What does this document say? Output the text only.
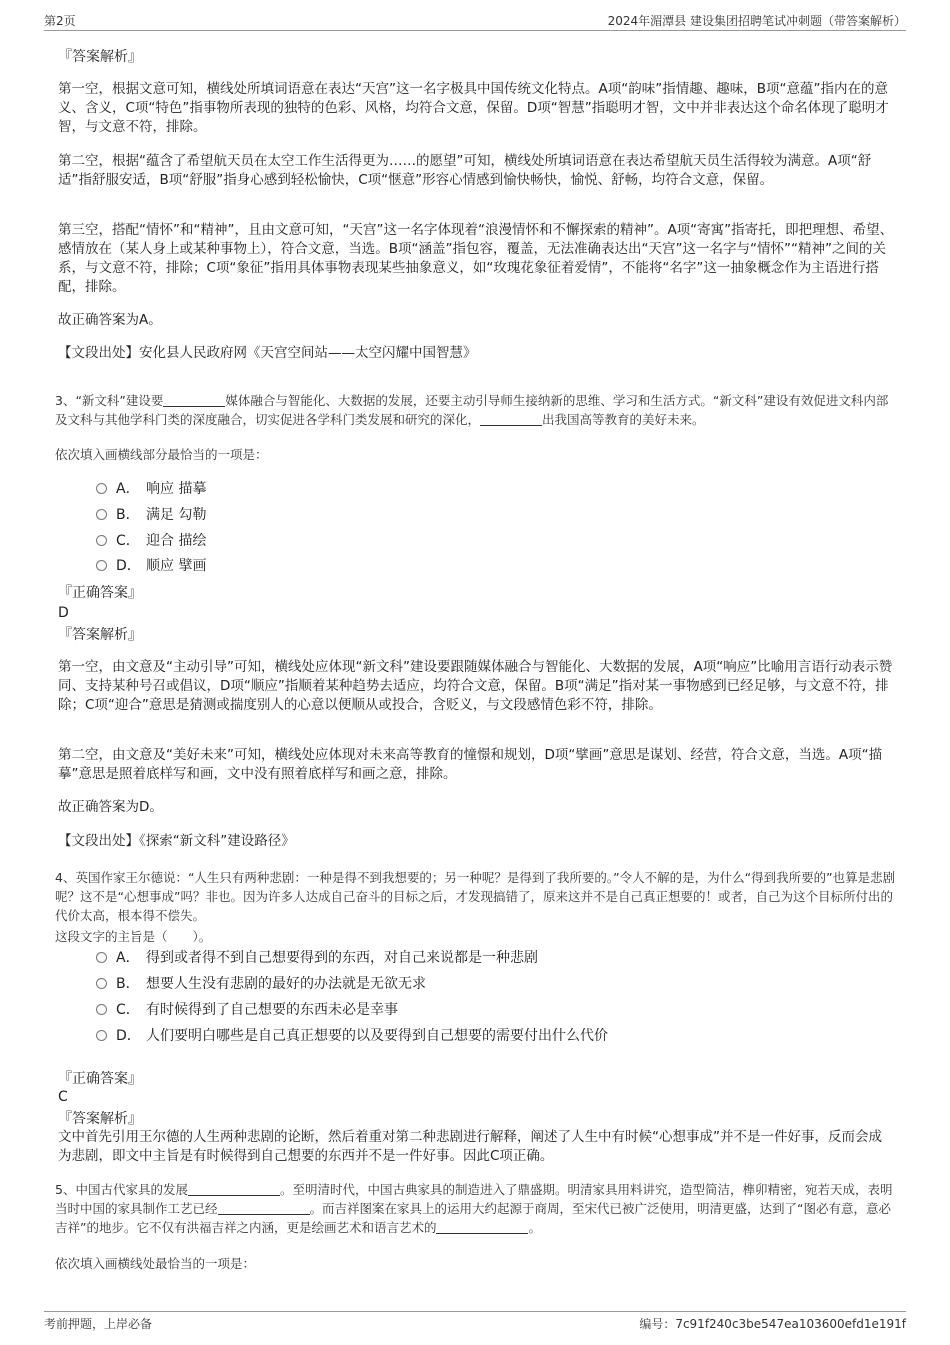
第2页	2024年湄潭县 建设集团招聘笔试冲刺题（带答案解析）
『答案解析』

第一空，根据文意可知，横线处所填词语意在表达“天宫”这一名字极具中国传统文化特点。A项“韵味”指情趣、趣味，B项“意蕴”指内在的意义、含义，C项“特色”指事物所表现的独特的色彩、风格，均符合文意，保留。D项“智慧”指聪明才智，文中并非表达这个命名体现了聪明才智，与文意不符，排除。

第二空，根据“蕴含了希望航天员在太空工作生活得更为……的愿望”可知，横线处所填词语意在表达希望航天员生活得较为满意。A项“舒适”指舒服安适，B项“舒服”指身心感到轻松愉快，C项“惬意”形容心情感到愉快畅快，愉悦、舒畅，均符合文意，保留。

第三空，搭配“情怀”和“精神”，且由文意可知，“天宫”这一名字体现着“浪漫情怀和不懈探索的精神”。A项“寄寓”指寄托，即把理想、希望、感情放在（某人身上或某种事物上），符合文意，当选。B项“涵盖”指包容，覆盖，无法准确表达出“天宫”这一名字与“情怀”“精神”之间的关系，与文意不符，排除；C项“象征”指用具体事物表现某些抽象意义，如“玫瑰花象征着爱情”，不能将“名字”这一抽象概念作为主语进行搭配，排除。

故正确答案为A。

【文段出处】安化县人民政府网《天宫空间站——太空闪耀中国智慧》

3、“新文科”建设要	媒体融合与智能化、大数据的发展，还要主动引导师生接纳新的思维、学习和生活方式。“新文科”建设有效促进文科内部及文科与其他学科门类的深度融合，切实促进各学科门类发展和研究的深化，	出我国高等教育的美好未来。

依次填入画横线部分最恰当的一项是：

A． 响应 描摹
B． 满足 勾勒
C． 迎合 描绘
D． 顺应 擘画
『正确答案』
D
『答案解析』

第一空，由文意及“主动引导”可知，横线处应体现“新文科”建设要跟随媒体融合与智能化、大数据的发展，A项“响应”比喻用言语行动表示赞同、支持某种号召或倡议，D项“顺应”指顺着某种趋势去适应，均符合文意，保留。B项“满足”指对某一事物感到已经足够，与文意不符，排除；C项“迎合”意思是猜测或揣度别人的心意以便顺从或投合，含贬义，与文段感情色彩不符，排除。

第二空，由文意及“美好未来”可知，横线处应体现对未来高等教育的憧憬和规划，D项“擘画”意思是谋划、经营，符合文意，当选。A项“描摹”意思是照着底样写和画，文中没有照着底样写和画之意，排除。

故正确答案为D。

【文段出处】《探索“新文科”建设路径》

4、英国作家王尔德说：“人生只有两种悲剧：一种是得不到我想要的；另一种呢？是得到了我所要的。”令人不解的是，为什么“得到我所要的”也算是悲剧呢？这不是“心想事成”吗？非也。因为许多人达成自己奋斗的目标之后，才发现搞错了，原来这并不是自己真正想要的！或者，自己为这个目标所付出的代价太高，根本得不偿失。

这段文字的主旨是（　　）。

A． 得到或者得不到自己想要得到的东西，对自己来说都是一种悲剧
B． 想要人生没有悲剧的最好的办法就是无欲无求
C． 有时候得到了自己想要的东西未必是幸事
D． 人们要明白哪些是自己真正想要的以及要得到自己想要的需要付出什么代价
『正确答案』
C
『答案解析』

文中首先引用王尔德的人生两种悲剧的论断，然后着重对第二种悲剧进行解释，阐述了人生中有时候“心想事成”并不是一件好事，反而会成为悲剧，即文中主旨是有时候得到自己想要的东西并不是一件好事。因此C项正确。

5、中国古代家具的发展	。至明清时代，中国古典家具的制造进入了鼎盛期。明清家具用料讲究，造型简洁，榫卯精密，宛若天成，表明当时中国的家具制作工艺已经	。而吉祥图案在家具上的运用大约起源于商周，至宋代已被广泛使用，明清更盛，达到了“图必有意，意必吉祥”的地步。它不仅有洪福吉祥之内涵，更是绘画艺术和语言艺术的	。

依次填入画横线处最恰当的一项是：

考前押题，上岸必备	编号：7c91f240c3be547ea103600efd1e191f
